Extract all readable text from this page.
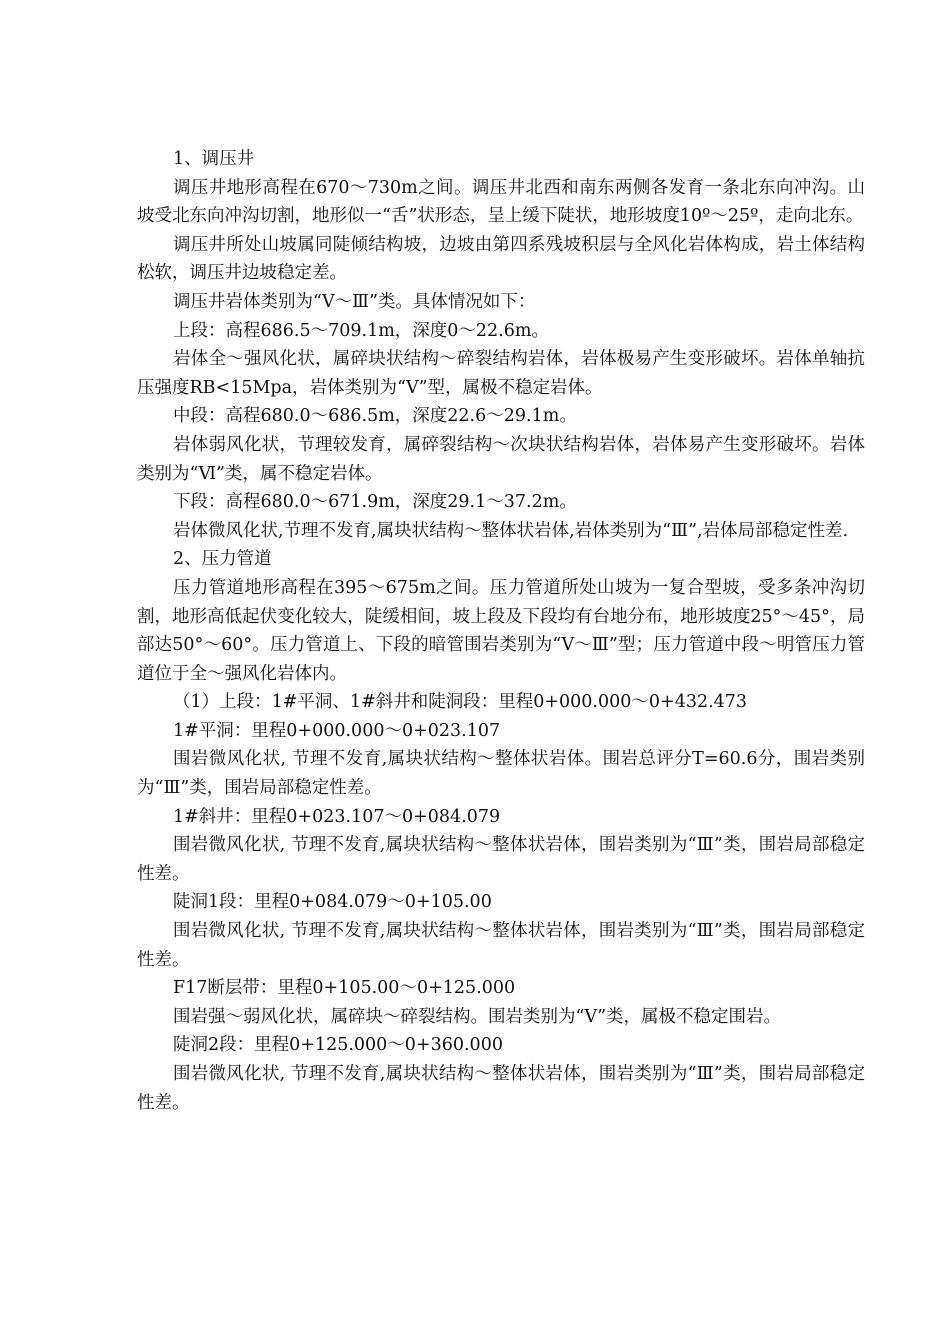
1、调压井

调压井地形高程在670～730m之间。调压井北西和南东两侧各发育一条北东向冲沟。山坡受北东向冲沟切割，地形似一“舌”状形态，呈上缓下陡状，地形坡度10º～25º，走向北东。

调压井所处山坡属同陡倾结构坡，边坡由第四系残坡积层与全风化岩体构成，岩土体结构松软，调压井边坡稳定差。

调压井岩体类别为“Ⅴ～Ⅲ”类。具体情况如下：

上段：高程686.5～709.1m，深度0～22.6m。

岩体全～强风化状，属碎块状结构～碎裂结构岩体，岩体极易产生变形破坏。岩体单轴抗压强度RB<15Mpa，岩体类别为“Ⅴ”型，属极不稳定岩体。

中段：高程680.0～686.5m，深度22.6～29.1m。

岩体弱风化状，节理较发育，属碎裂结构～次块状结构岩体，岩体易产生变形破坏。岩体类别为“Ⅵ”类，属不稳定岩体。

下段：高程680.0～671.9m，深度29.1～37.2m。

岩体微风化状,节理不发育,属块状结构～整体状岩体,岩体类别为“Ⅲ”,岩体局部稳定性差.

2、压力管道

压力管道地形高程在395～675m之间。压力管道所处山坡为一复合型坡，受多条冲沟切割，地形高低起伏变化较大，陡缓相间，坡上段及下段均有台地分布，地形坡度25°～45°，局部达50°～60°。压力管道上、下段的暗管围岩类别为“Ⅴ～Ⅲ”型；压力管道中段～明管压力管道位于全～强风化岩体内。

（1）上段：1#平洞、1#斜井和陡洞段：里程0+000.000～0+432.473

1#平洞：里程0+000.000～0+023.107

围岩微风化状, 节理不发育,属块状结构～整体状岩体。围岩总评分T=60.6分，围岩类别为“Ⅲ”类，围岩局部稳定性差。

1#斜井：里程0+023.107～0+084.079

围岩微风化状, 节理不发育,属块状结构～整体状岩体，围岩类别为“Ⅲ”类，围岩局部稳定性差。

陡洞1段：里程0+084.079～0+105.00

围岩微风化状, 节理不发育,属块状结构～整体状岩体，围岩类别为“Ⅲ”类，围岩局部稳定性差。

F17断层带：里程0+105.00～0+125.000

围岩强～弱风化状，属碎块～碎裂结构。围岩类别为“Ⅴ”类，属极不稳定围岩。

陡洞2段：里程0+125.000～0+360.000

围岩微风化状, 节理不发育,属块状结构～整体状岩体，围岩类别为“Ⅲ”类，围岩局部稳定性差。
